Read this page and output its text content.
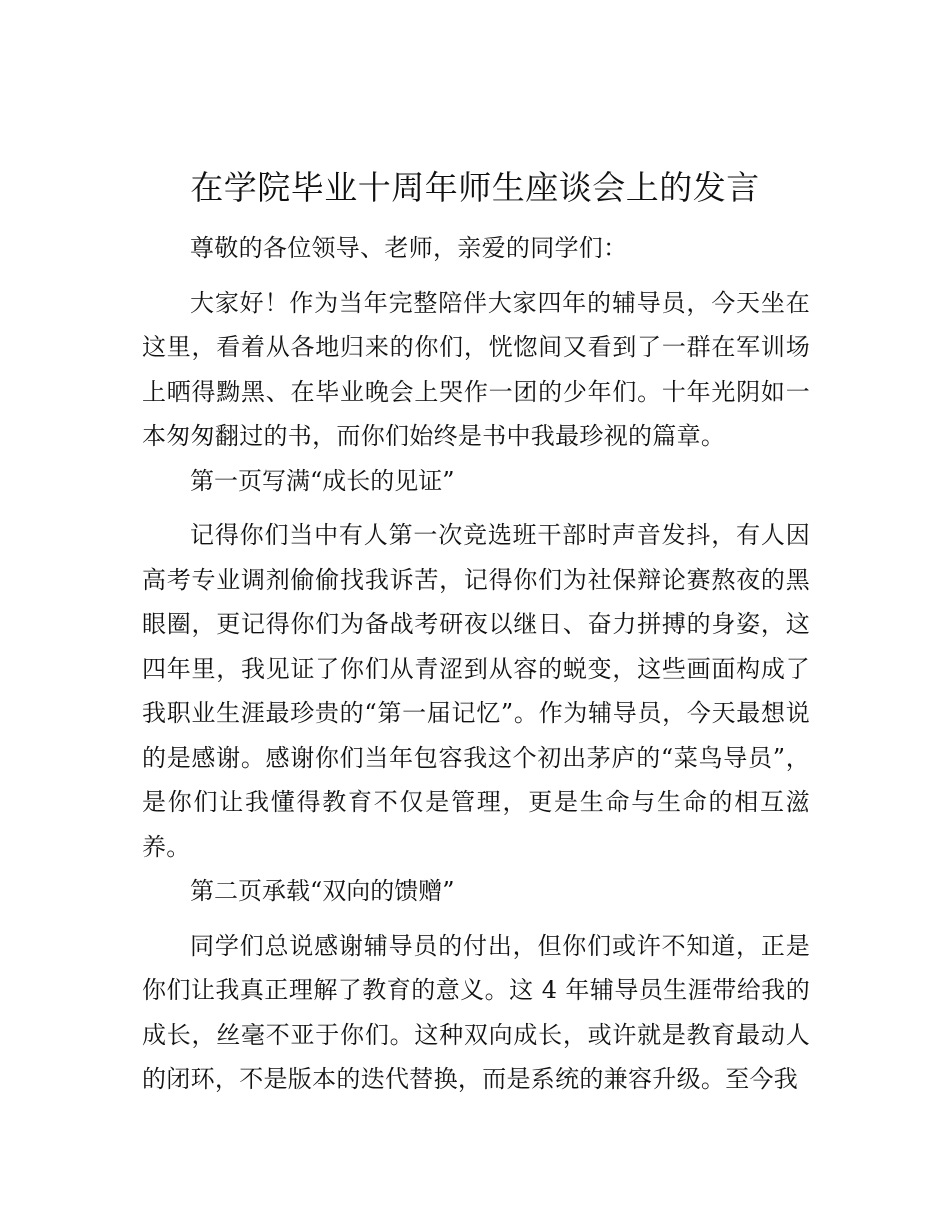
在学院毕业十周年师生座谈会上的发言

尊敬的各位领导、老师，亲爱的同学们：

大家好！作为当年完整陪伴大家四年的辅导员，今天坐在这里，看着从各地归来的你们，恍惚间又看到了一群在军训场上晒得黝黑、在毕业晚会上哭作一团的少年们。十年光阴如一本匆匆翻过的书，而你们始终是书中我最珍视的篇章。

第一页写满“成长的见证”

记得你们当中有人第一次竞选班干部时声音发抖，有人因高考专业调剂偷偷找我诉苦，记得你们为社保辩论赛熬夜的黑眼圈，更记得你们为备战考研夜以继日、奋力拼搏的身姿，这四年里，我见证了你们从青涩到从容的蜕变，这些画面构成了我职业生涯最珍贵的“第一届记忆”。作为辅导员，今天最想说的是感谢。感谢你们当年包容我这个初出茅庐的“菜鸟导员”，是你们让我懂得教育不仅是管理，更是生命与生命的相互滋养。

第二页承载“双向的馈赠”

同学们总说感谢辅导员的付出，但你们或许不知道，正是你们让我真正理解了教育的意义。这 4 年辅导员生涯带给我的成长，丝毫不亚于你们。这种双向成长，或许就是教育最动人的闭环，不是版本的迭代替换，而是系统的兼容升级。至今我
